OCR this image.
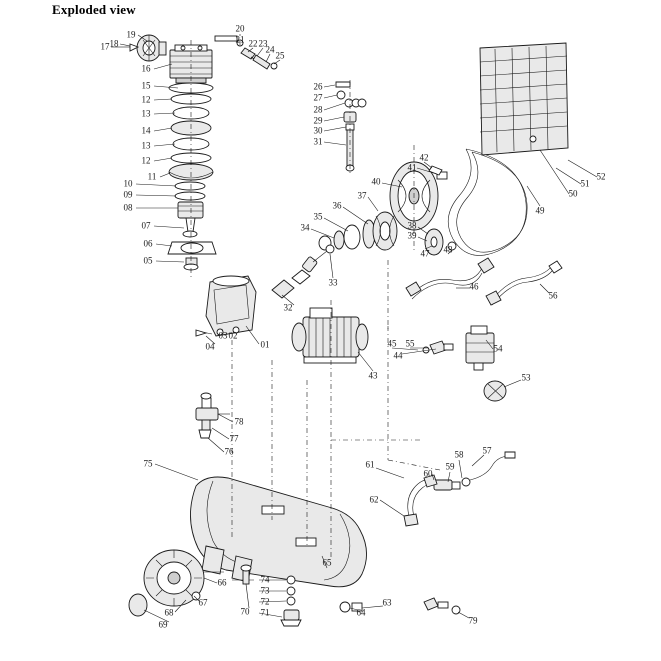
Exploded view
19
18
17
16
15
12
13
14
13
12
11
10
09
08
07
06
05
20
21 22 23
24
25
26
27
28
29
30
31
42
41
40
37
36
35
34	38
39
47 48
49
52
51
50
33
32
46
56
03 02
04	01	45 55
44
54
53
43
78
77
76
75	61
58 57
59
60
62
66
65
74
73
72
71
70
69
68
67
64
63
79
